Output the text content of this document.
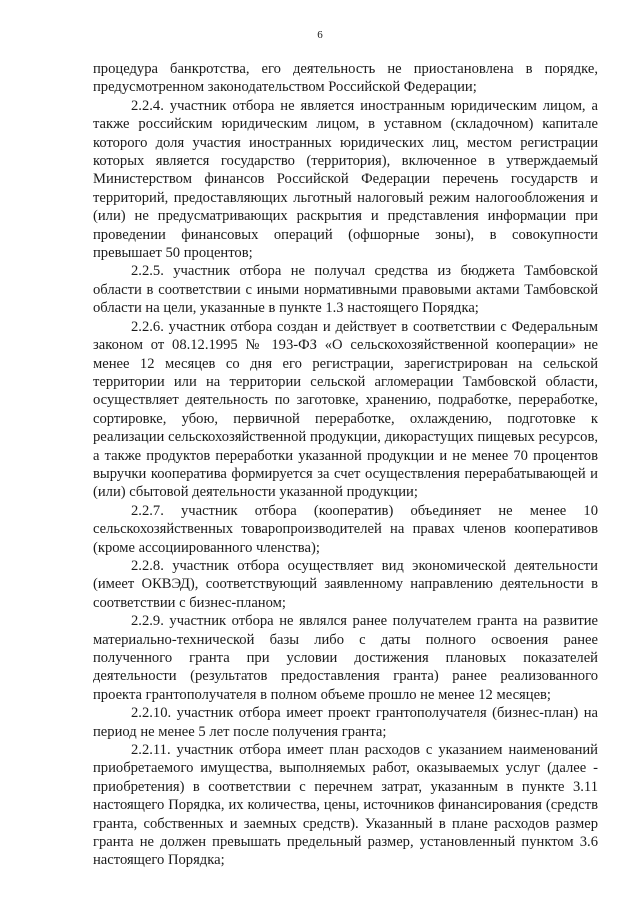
6

процедура банкротства, его деятельность не приостановлена в порядке, предусмотренном законодательством Российской Федерации;

2.2.4. участник отбора не является иностранным юридическим лицом, а также российским юридическим лицом, в уставном (складочном) капитале которого доля участия иностранных юридических лиц, местом регистрации которых является государство (территория), включенное в утверждаемый Министерством финансов Российской Федерации перечень государств и территорий, предоставляющих льготный налоговый режим налогообложения и (или) не предусматривающих раскрытия и представления информации при проведении финансовых операций (офшорные зоны), в совокупности превышает 50 процентов;

2.2.5. участник отбора не получал средства из бюджета Тамбовской области в соответствии с иными нормативными правовыми актами Тамбовской области на цели, указанные в пункте 1.3 настоящего Порядка;

2.2.6. участник отбора создан и действует в соответствии с Федеральным законом от 08.12.1995 № 193-ФЗ «О сельскохозяйственной кооперации» не менее 12 месяцев со дня его регистрации, зарегистрирован на сельской территории или на территории сельской агломерации Тамбовской области, осуществляет деятельность по заготовке, хранению, подработке, переработке, сортировке, убою, первичной переработке, охлаждению, подготовке к реализации сельскохозяйственной продукции, дикорастущих пищевых ресурсов, а также продуктов переработки указанной продукции и не менее 70 процентов выручки кооператива формируется за счет осуществления перерабатывающей и (или) сбытовой деятельности указанной продукции;

2.2.7. участник отбора (кооператив) объединяет не менее 10 сельскохозяйственных товаропроизводителей на правах членов кооперативов (кроме ассоциированного членства);

2.2.8. участник отбора осуществляет вид экономической деятельности (имеет ОКВЭД), соответствующий заявленному направлению деятельности в соответствии с бизнес-планом;

2.2.9. участник отбора не являлся ранее получателем гранта на развитие материально-технической базы либо с даты полного освоения ранее полученного гранта при условии достижения плановых показателей деятельности (результатов предоставления гранта) ранее реализованного проекта грантополучателя в полном объеме прошло не менее 12 месяцев;

2.2.10. участник отбора имеет проект грантополучателя (бизнес-план) на период не менее 5 лет после получения гранта;

2.2.11. участник отбора имеет план расходов с указанием наименований приобретаемого имущества, выполняемых работ, оказываемых услуг (далее - приобретения) в соответствии с перечнем затрат, указанным в пункте 3.11 настоящего Порядка, их количества, цены, источников финансирования (средств гранта, собственных и заемных средств). Указанный в плане расходов размер гранта не должен превышать предельный размер, установленный пунктом 3.6 настоящего Порядка;
